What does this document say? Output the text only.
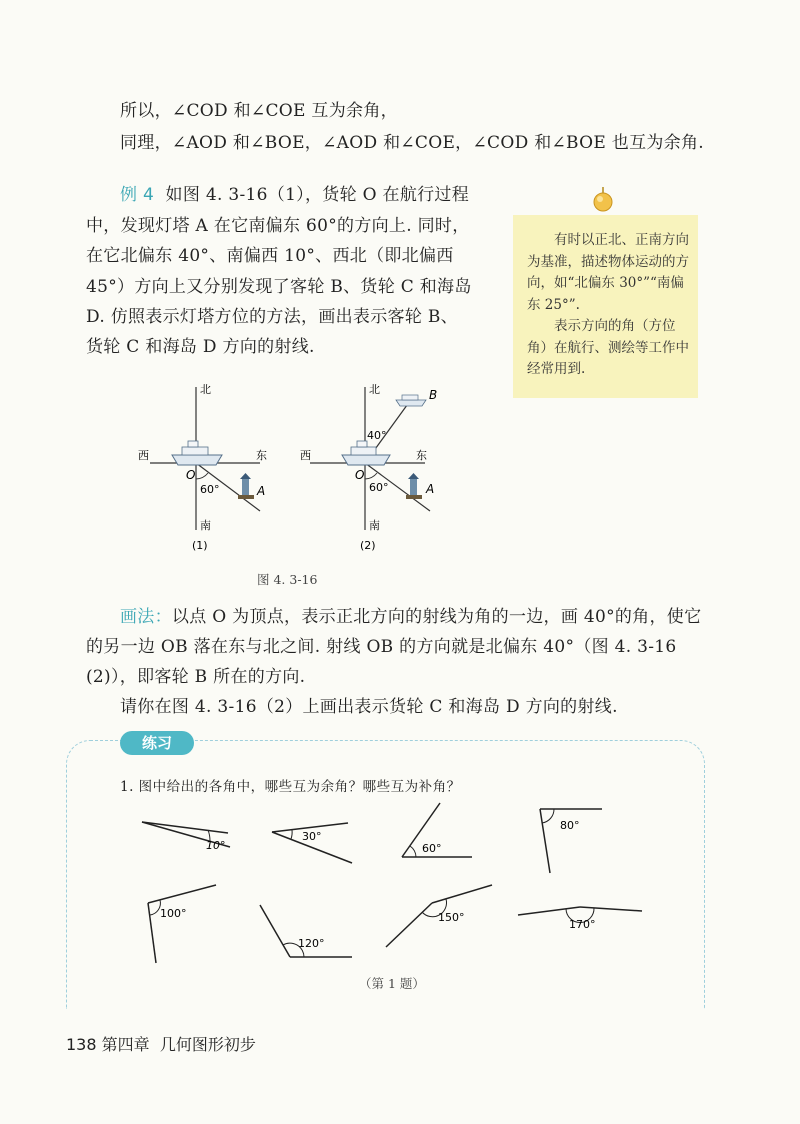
所以，∠COD 和∠COE 互为余角，
同理，∠AOD 和∠BOE，∠AOD 和∠COE，∠COD 和∠BOE 也互为余角.
例 4 如图 4. 3-16（1），货轮 O 在航行过程
中，发现灯塔 A 在它南偏东 60°的方向上. 同时，
在它北偏东 40°、南偏西 10°、西北（即北偏西
45°）方向上又分别发现了客轮 B、货轮 C 和海岛
D. 仿照表示灯塔方位的方法，画出表示客轮 B、
货轮 C 和海岛 D 方向的射线.

有时以正北、正南方向为基准，描述物体运动的方向，如“北偏东 30°”“南偏东 25°”.

表示方向的角（方位角）在航行、测绘等工作中经常用到.

北
南
东
西
O
60°	A
(1)
北
南
东
西
O
40°
60°	A
B
(2)
图 4. 3-16
画法：以点 O 为顶点，表示正北方向的射线为角的一边，画 40°的角，使它
的另一边 OB 落在东与北之间. 射线 OB 的方向就是北偏东 40°（图 4. 3-16
(2)），即客轮 B 所在的方向.
请你在图 4. 3-16（2）上画出表示货轮 C 和海岛 D 方向的射线.
练习
1. 图中给出的各角中，哪些互为余角？哪些互为补角？
10°
30°
60°
80°
100°
120°
150°
170°
（第 1 题）
138 第四章 几何图形初步
